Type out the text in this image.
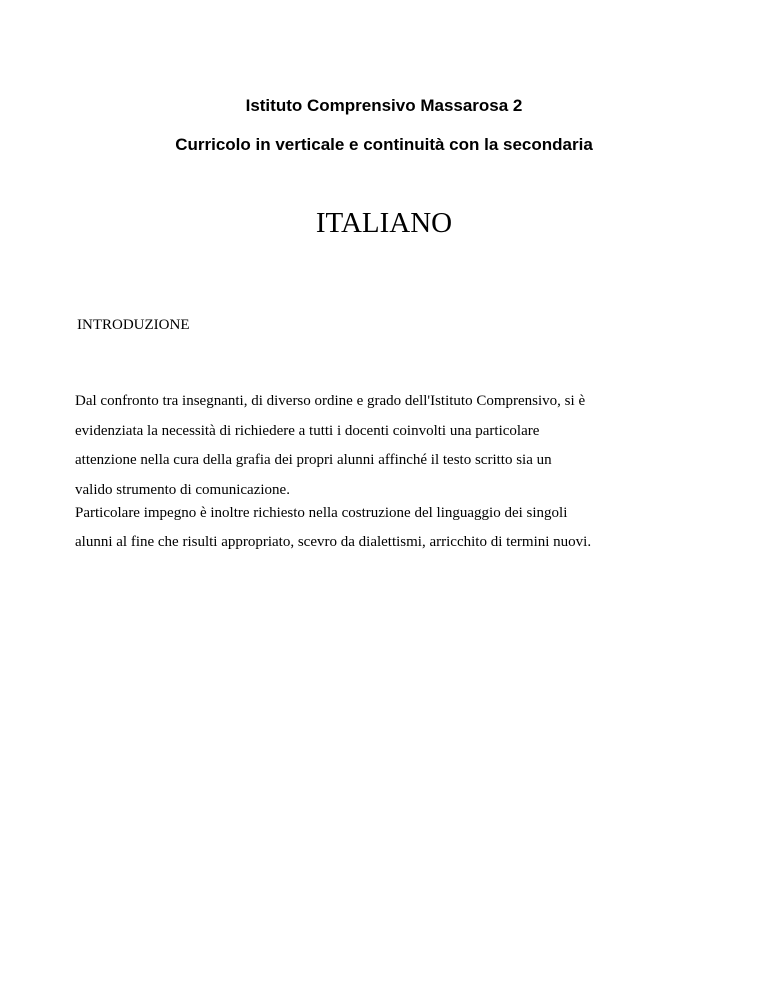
Istituto Comprensivo Massarosa 2
Curricolo in verticale e continuità con la secondaria
ITALIANO
INTRODUZIONE
Dal confronto tra insegnanti, di diverso ordine e grado dell'Istituto Comprensivo, si è
evidenziata la necessità di richiedere a tutti i docenti coinvolti una particolare
attenzione nella cura della grafia dei propri alunni affinché il testo scritto sia un
valido strumento di comunicazione.
Particolare impegno è inoltre richiesto nella costruzione del linguaggio dei singoli
alunni al fine che risulti appropriato, scevro da dialettismi, arricchito di termini nuovi.
